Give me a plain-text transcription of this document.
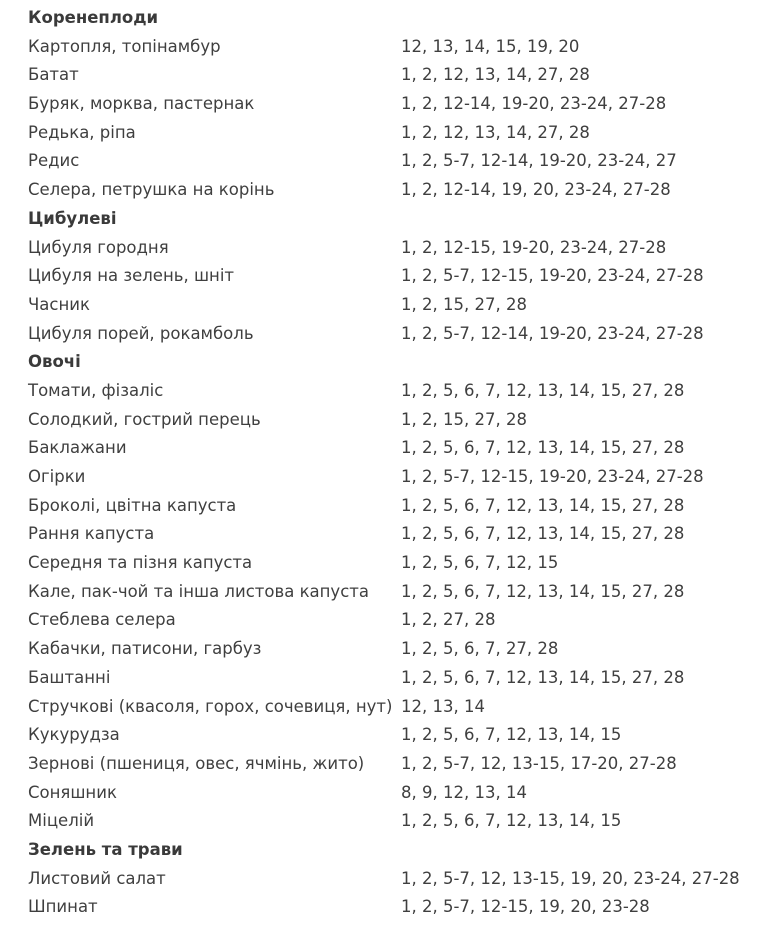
Коренеплоди
Картопля, топінамбур	12, 13, 14, 15, 19, 20
Батат	1, 2, 12, 13, 14, 27, 28
Буряк, морква, пастернак	1, 2, 12-14, 19-20, 23-24, 27-28
Редька, ріпа	1, 2, 12, 13, 14, 27, 28
Редис	1, 2, 5-7, 12-14, 19-20, 23-24, 27
Селера, петрушка на корінь	1, 2, 12-14, 19, 20, 23-24, 27-28
Цибулеві
Цибуля городня	1, 2, 12-15, 19-20, 23-24, 27-28
Цибуля на зелень, шніт	1, 2, 5-7, 12-15, 19-20, 23-24, 27-28
Часник	1, 2, 15, 27, 28
Цибуля порей, рокамболь	1, 2, 5-7, 12-14, 19-20, 23-24, 27-28
Овочі
Томати, фізаліс	1, 2, 5, 6, 7, 12, 13, 14, 15, 27, 28
Солодкий, гострий перець	1, 2, 15, 27, 28
Баклажани	1, 2, 5, 6, 7, 12, 13, 14, 15, 27, 28
Огірки	1, 2, 5-7, 12-15, 19-20, 23-24, 27-28
Броколі, цвітна капуста	1, 2, 5, 6, 7, 12, 13, 14, 15, 27, 28
Рання капуста	1, 2, 5, 6, 7, 12, 13, 14, 15, 27, 28
Середня та пізня капуста	1, 2, 5, 6, 7, 12, 15
Кале, пак-чой та інша листова капуста	1, 2, 5, 6, 7, 12, 13, 14, 15, 27, 28
Стеблева селера	1, 2, 27, 28
Кабачки, патисони, гарбуз	1, 2, 5, 6, 7, 27, 28
Баштанні	1, 2, 5, 6, 7, 12, 13, 14, 15, 27, 28
Стручкові (квасоля, горох, сочевиця, нут) 12, 13, 14
Кукурудза	1, 2, 5, 6, 7, 12, 13, 14, 15
Зернові (пшениця, овес, ячмінь, жито)	1, 2, 5-7, 12, 13-15, 17-20, 27-28
Соняшник	8, 9, 12, 13, 14
Міцелій	1, 2, 5, 6, 7, 12, 13, 14, 15
Зелень та трави
Листовий салат	1, 2, 5-7, 12, 13-15, 19, 20, 23-24, 27-28
Шпинат	1, 2, 5-7, 12-15, 19, 20, 23-28
